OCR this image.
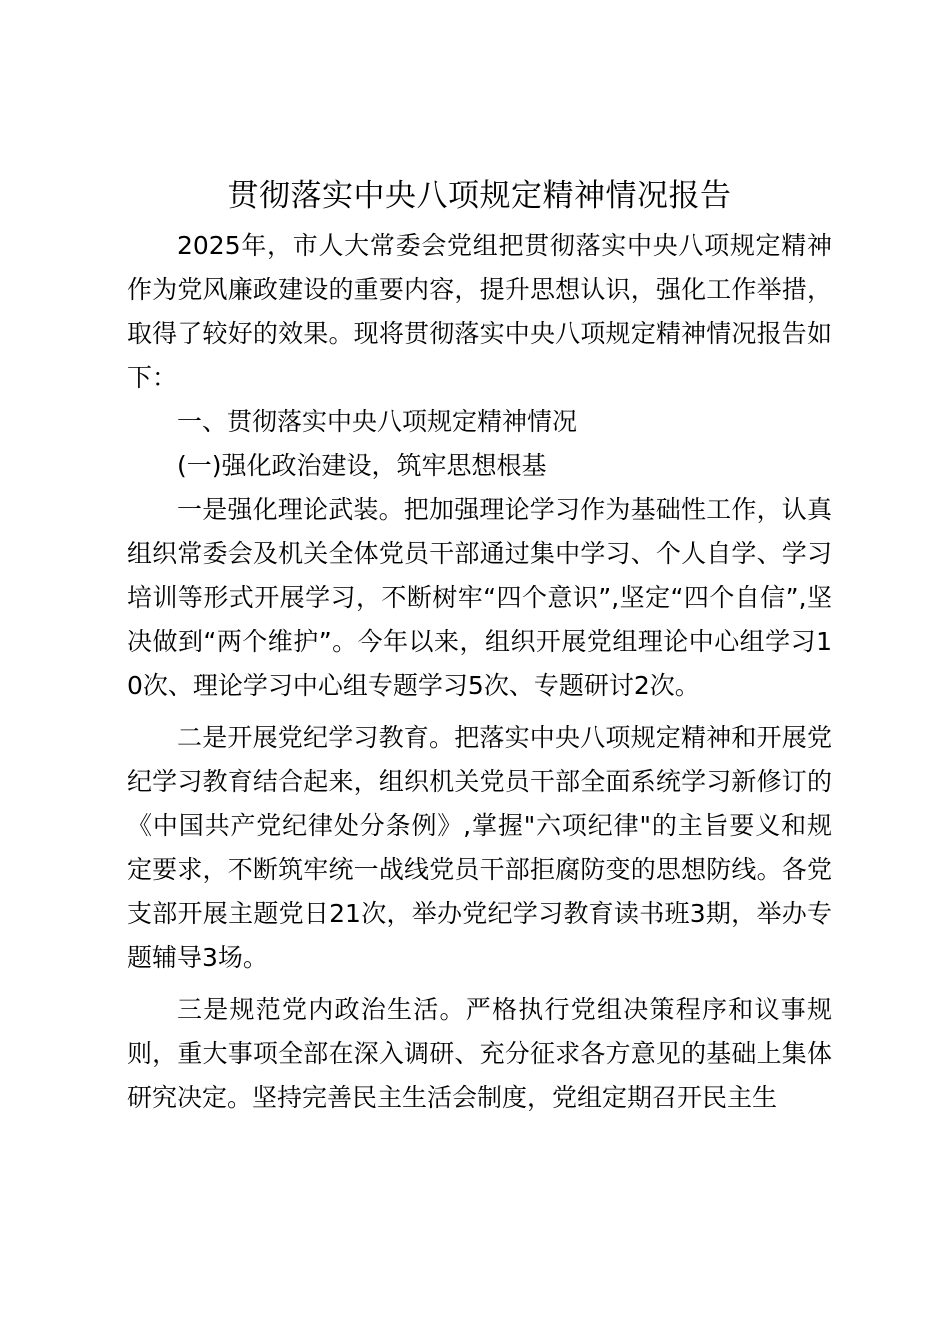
贯彻落实中央八项规定精神情况报告

2025年，市人大常委会党组把贯彻落实中央八项规定精神作为党风廉政建设的重要内容，提升思想认识，强化工作举措，取得了较好的效果。现将贯彻落实中央八项规定精神情况报告如下：

一、贯彻落实中央八项规定精神情况

(一)强化政治建设，筑牢思想根基

一是强化理论武装。把加强理论学习作为基础性工作，认真组织常委会及机关全体党员干部通过集中学习、个人自学、学习培训等形式开展学习，不断树牢“四个意识”,坚定“四个自信”,坚决做到“两个维护”。今年以来，组织开展党组理论中心组学习10次、理论学习中心组专题学习5次、专题研讨2次。

二是开展党纪学习教育。把落实中央八项规定精神和开展党纪学习教育结合起来，组织机关党员干部全面系统学习新修订的《中国共产党纪律处分条例》,掌握"六项纪律"的主旨要义和规定要求，不断筑牢统一战线党员干部拒腐防变的思想防线。各党支部开展主题党日21次，举办党纪学习教育读书班3期，举办专题辅导3场。

三是规范党内政治生活。严格执行党组决策程序和议事规则，重大事项全部在深入调研、充分征求各方意见的基础上集体研究决定。坚持完善民主生活会制度，党组定期召开民主生
